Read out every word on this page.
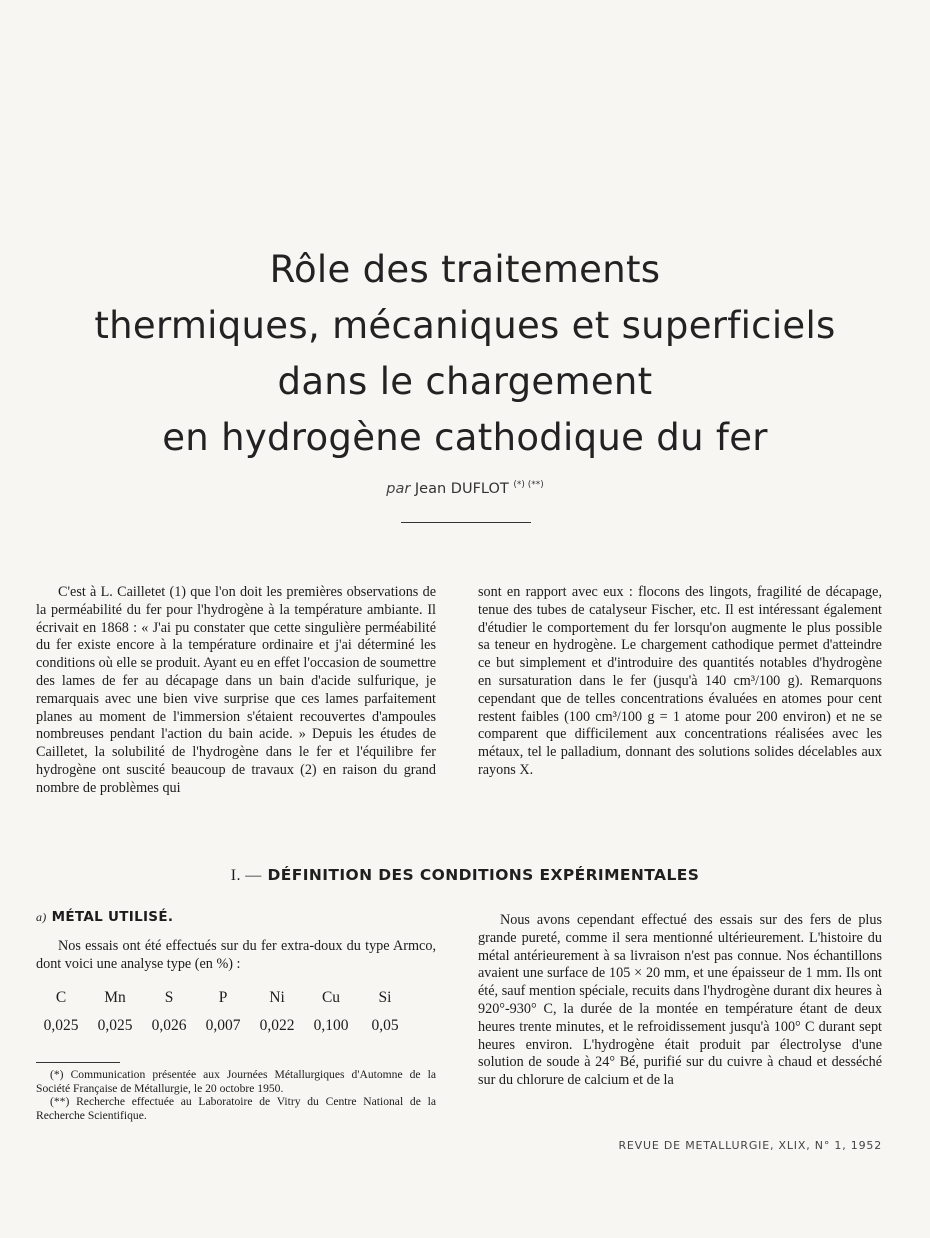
Rôle des traitements
thermiques, mécaniques et superficiels
dans le chargement
en hydrogène cathodique du fer
par Jean DUFLOT (*) (**)

C'est à L. Cailletet (1) que l'on doit les premières observations de la perméabilité du fer pour l'hydrogène à la température ambiante. Il écrivait en 1868 : « J'ai pu constater que cette singulière perméabilité du fer existe encore à la température ordinaire et j'ai déterminé les conditions où elle se produit. Ayant eu en effet l'occasion de soumettre des lames de fer au décapage dans un bain d'acide sulfurique, je remarquais avec une bien vive surprise que ces lames parfaitement planes au moment de l'immersion s'étaient recouvertes d'ampoules nombreuses pendant l'action du bain acide. » Depuis les études de Cailletet, la solubilité de l'hydrogène dans le fer et l'équilibre fer hydrogène ont suscité beaucoup de travaux (2) en raison du grand nombre de problèmes qui

sont en rapport avec eux : flocons des lingots, fragilité de décapage, tenue des tubes de catalyseur Fischer, etc. Il est intéressant également d'étudier le comportement du fer lorsqu'on augmente le plus possible sa teneur en hydrogène. Le chargement cathodique permet d'atteindre ce but simplement et d'introduire des quantités notables d'hydrogène en sursaturation dans le fer (jusqu'à 140 cm³/100 g). Remarquons cependant que de telles concentrations évaluées en atomes pour cent restent faibles (100 cm³/100 g = 1 atome pour 200 environ) et ne se comparent que difficilement aux concentrations réalisées avec les métaux, tel le palladium, donnant des solutions solides décelables aux rayons X.

I. — DÉFINITION DES CONDITIONS EXPÉRIMENTALES
a) MÉTAL UTILISÉ.

Nos essais ont été effectués sur du fer extra-doux du type Armco, dont voici une analyse type (en %) :

C	Mn	S	P	Ni	Cu	Si
0,025	0,025	0,026	0,007	0,022	0,100	0,05

(*) Communication présentée aux Journées Métallurgiques d'Automne de la Société Française de Métallurgie, le 20 octobre 1950.

(**) Recherche effectuée au Laboratoire de Vitry du Centre National de la Recherche Scientifique.

Nous avons cependant effectué des essais sur des fers de plus grande pureté, comme il sera mentionné ultérieurement. L'histoire du métal antérieurement à sa livraison n'est pas connue. Nos échantillons avaient une surface de 105 × 20 mm, et une épaisseur de 1 mm. Ils ont été, sauf mention spéciale, recuits dans l'hydrogène durant dix heures à 920°-930° C, la durée de la montée en température étant de deux heures trente minutes, et le refroidissement jusqu'à 100° C durant sept heures environ. L'hydrogène était produit par électrolyse d'une solution de soude à 24° Bé, purifié sur du cuivre à chaud et desséché sur du chlorure de calcium et de la

REVUE DE METALLURGIE, XLIX, N° 1, 1952
